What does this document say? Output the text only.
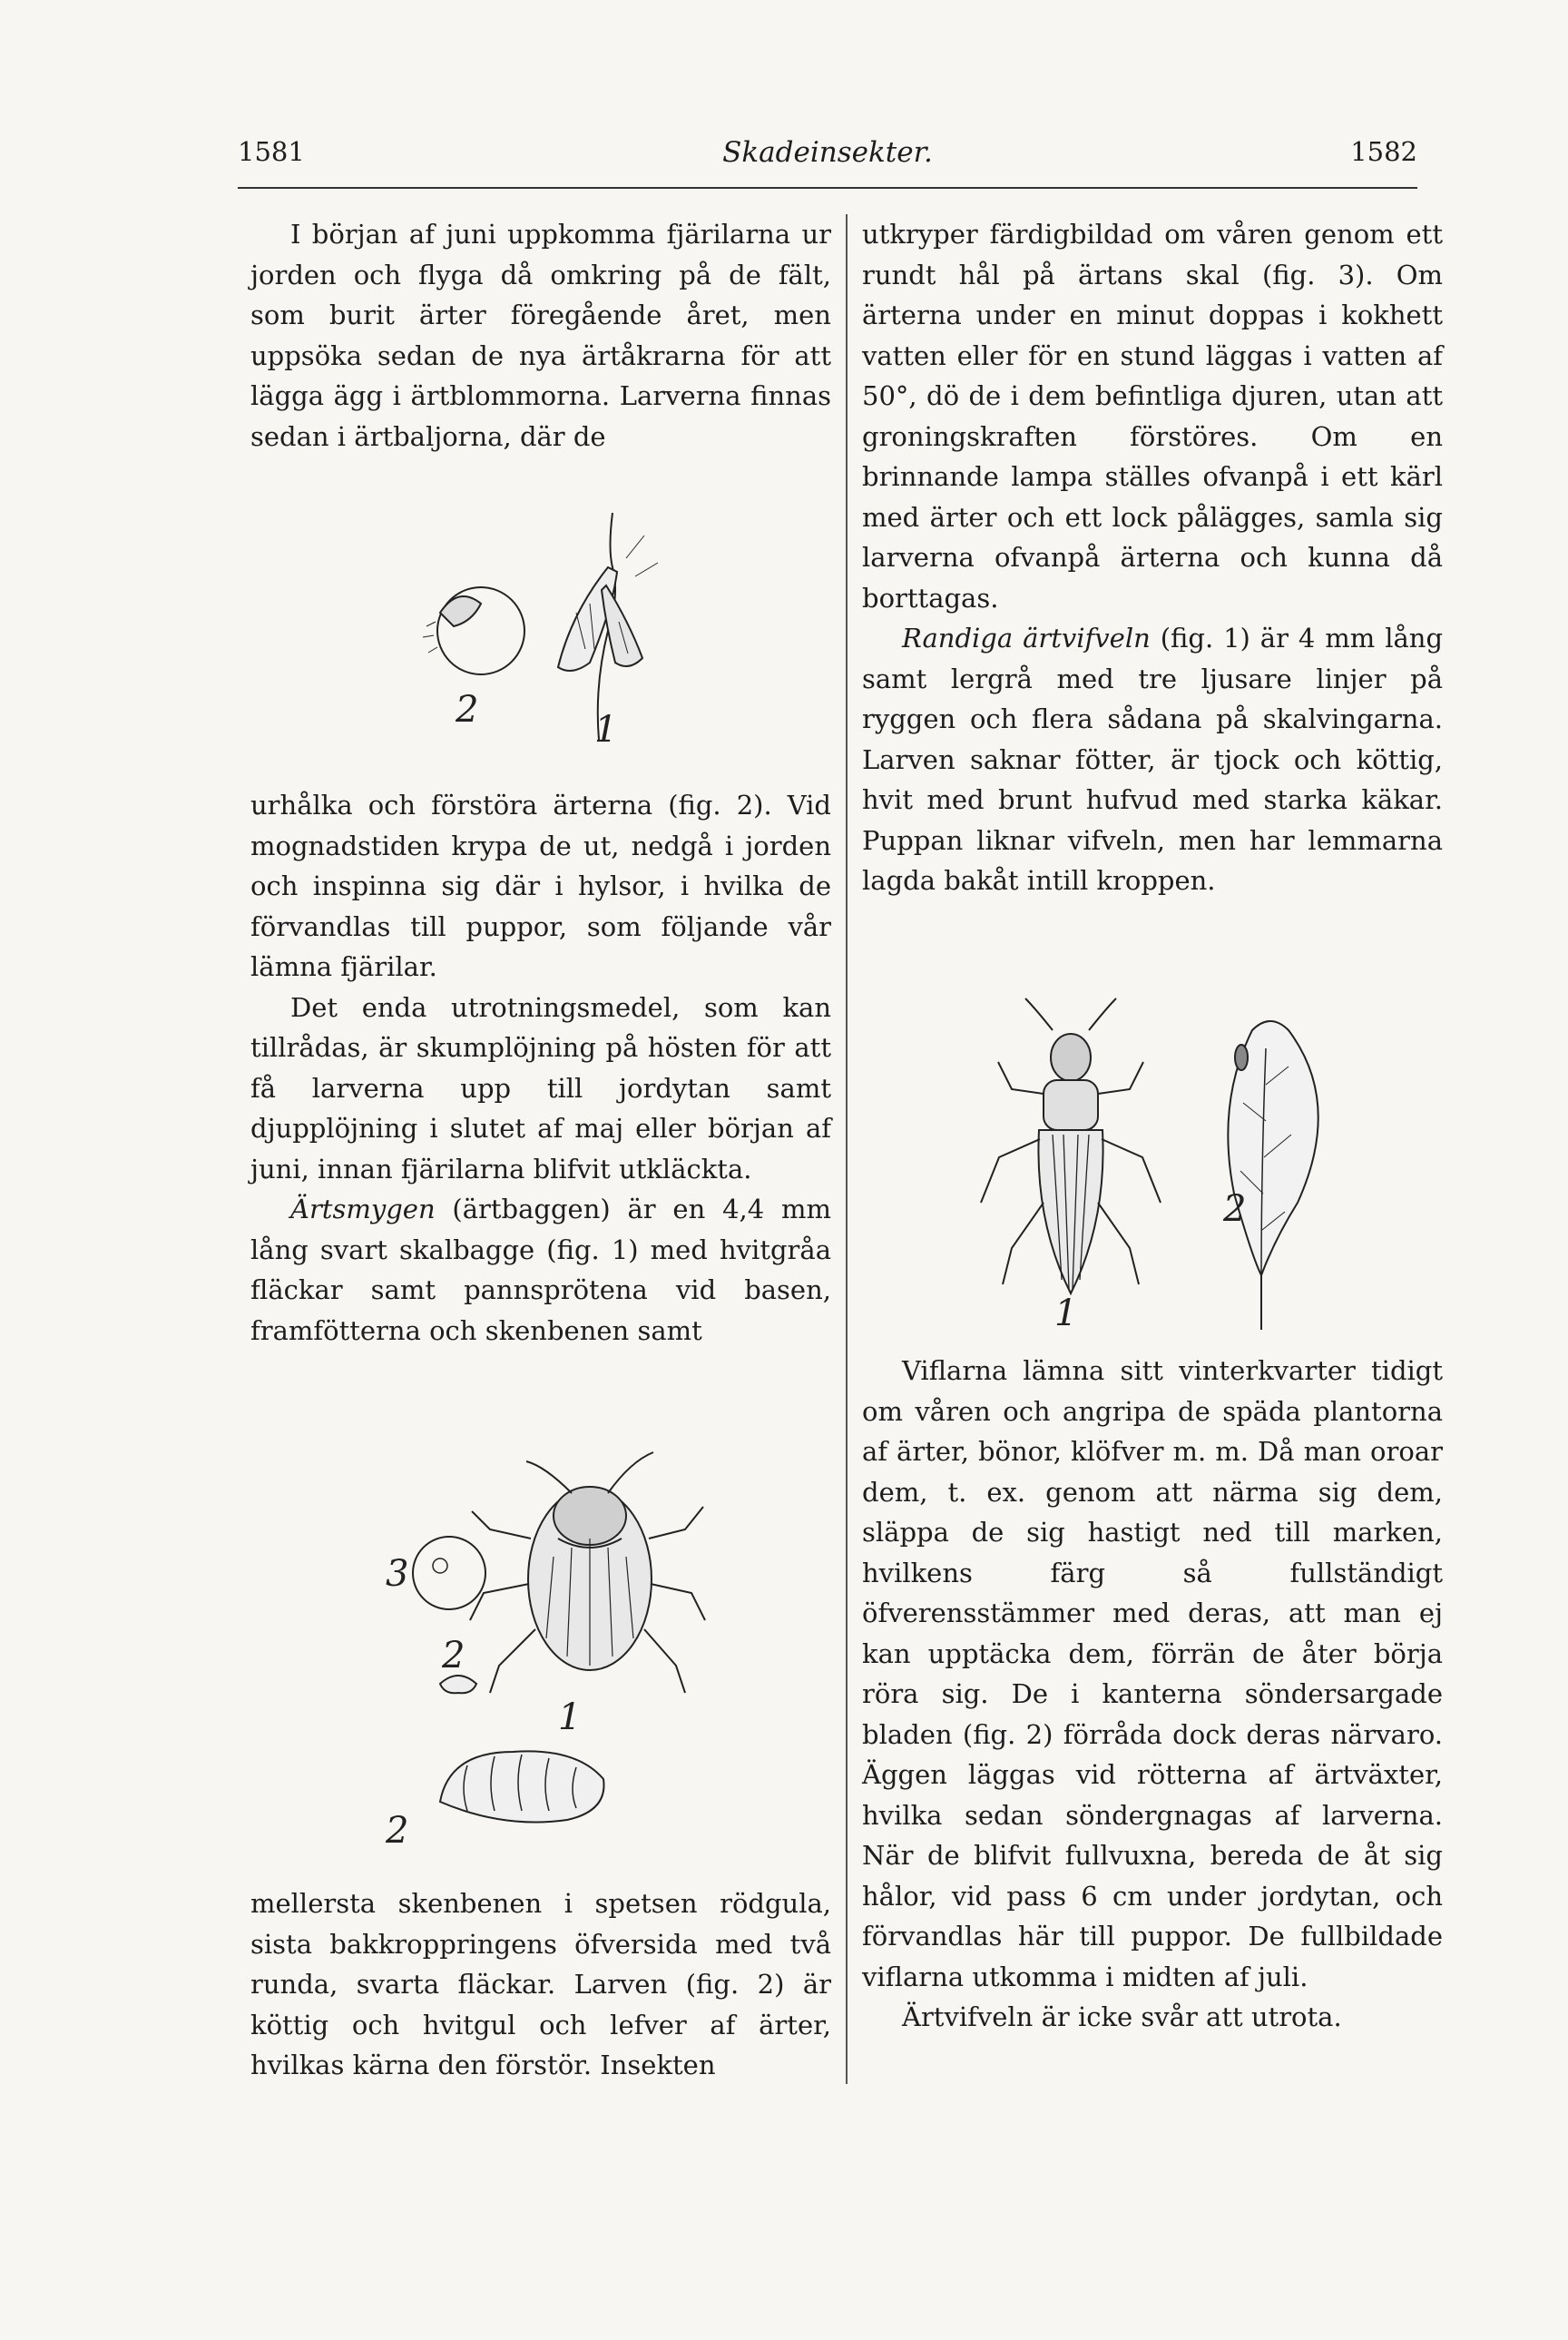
1581	Skadeinsekter.	1582

I början af juni uppkomma fjärilarna ur jorden och flyga då omkring på de fält, som burit ärter föregående året, men uppsöka sedan de nya ärtåkrarna för att lägga ägg i ärtblommorna. Larverna finnas sedan i ärtbaljorna, där de

2	1

urhålka och förstöra ärterna (fig. 2). Vid mognadstiden krypa de ut, nedgå i jorden och inspinna sig där i hylsor, i hvilka de förvandlas till puppor, som följande vår lämna fjärilar.

Det enda utrotningsmedel, som kan tillrådas, är skumplöjning på hösten för att få larverna upp till jordytan samt djupplöjning i slutet af maj eller början af juni, innan fjärilarna blifvit utkläckta.

Ärtsmygen (ärtbaggen) är en 4,4 mm lång svart skalbagge (fig. 1) med hvitgråa fläckar samt pannsprötena vid basen, framfötterna och skenbenen samt

3
2
1
2

mellersta skenbenen i spetsen rödgula, sista bakkroppringens öfversida med två runda, svarta fläckar. Larven (fig. 2) är köttig och hvitgul och lefver af ärter, hvilkas kärna den förstör. Insekten

utkryper färdigbildad om våren genom ett rundt hål på ärtans skal (fig. 3). Om ärterna under en minut doppas i kokhett vatten eller för en stund läggas i vatten af 50°, dö de i dem befintliga djuren, utan att groningskraften förstöres. Om en brinnande lampa ställes ofvanpå i ett kärl med ärter och ett lock pålägges, samla sig larverna ofvanpå ärterna och kunna då borttagas.

Randiga ärtvifveln (fig. 1) är 4 mm lång samt lergrå med tre ljusare linjer på ryggen och flera sådana på skalvingarna. Larven saknar fötter, är tjock och köttig, hvit med brunt hufvud med starka käkar. Puppan liknar vifveln, men har lemmarna lagda bakåt intill kroppen.

1
2

Viflarna lämna sitt vinterkvarter tidigt om våren och angripa de späda plantorna af ärter, bönor, klöfver m. m. Då man oroar dem, t. ex. genom att närma sig dem, släppa de sig hastigt ned till marken, hvilkens färg så fullständigt öfverensstämmer med deras, att man ej kan upptäcka dem, förrän de åter börja röra sig. De i kanterna söndersargade bladen (fig. 2) förråda dock deras närvaro. Äggen läggas vid rötterna af ärtväxter, hvilka sedan söndergnagas af larverna. När de blifvit fullvuxna, bereda de åt sig hålor, vid pass 6 cm under jordytan, och förvandlas här till puppor. De fullbildade viflarna utkomma i midten af juli.

Ärtvifveln är icke svår att utrota.
